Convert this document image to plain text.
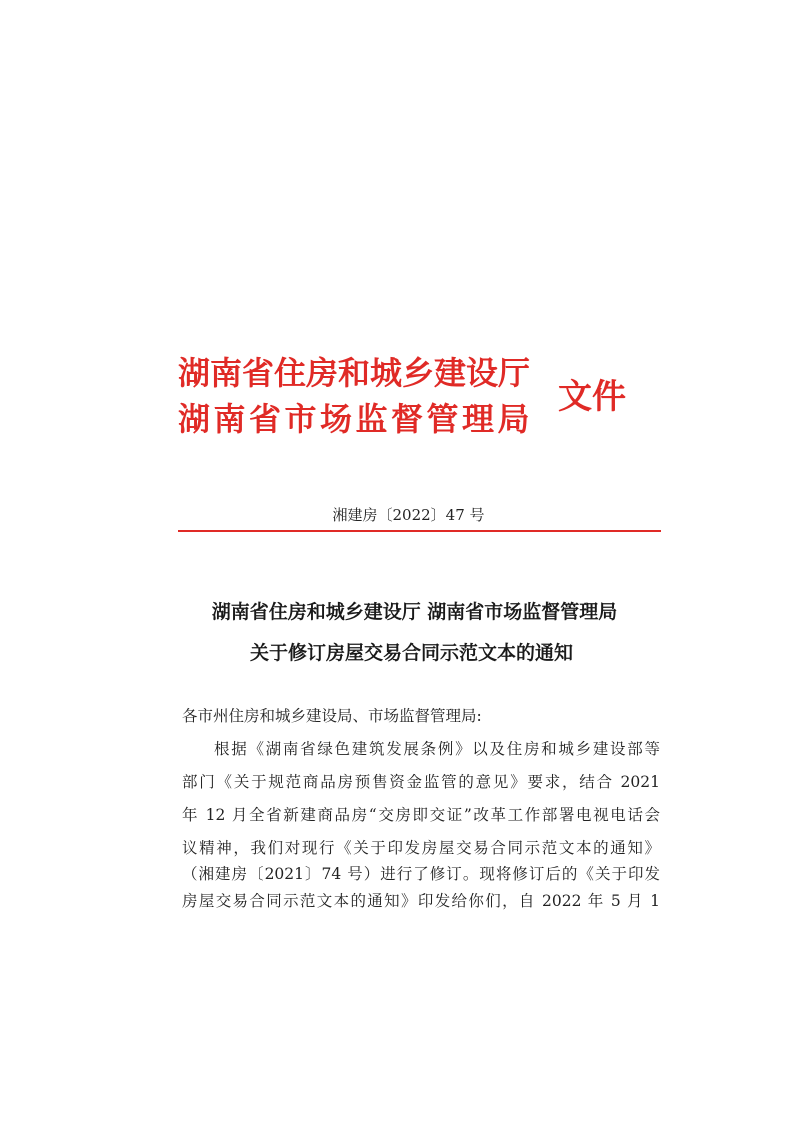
湖南省住房和城乡建设厅
湖南省市场监督管理局
文件
湘建房〔2022〕47 号
湖南省住房和城乡建设厅 湖南省市场监督管理局
关于修订房屋交易合同示范文本的通知
各市州住房和城乡建设局、市场监督管理局:
根据《湖南省绿色建筑发展条例》以及住房和城乡建设部等
部门《关于规范商品房预售资金监管的意见》要求，结合 2021
年 12 月全省新建商品房“交房即交证”改革工作部署电视电话会
议精神，我们对现行《关于印发房屋交易合同示范文本的通知》
（湘建房〔2021〕74 号）进行了修订。现将修订后的《关于印发
房屋交易合同示范文本的通知》印发给你们，自 2022 年 5 月 1
